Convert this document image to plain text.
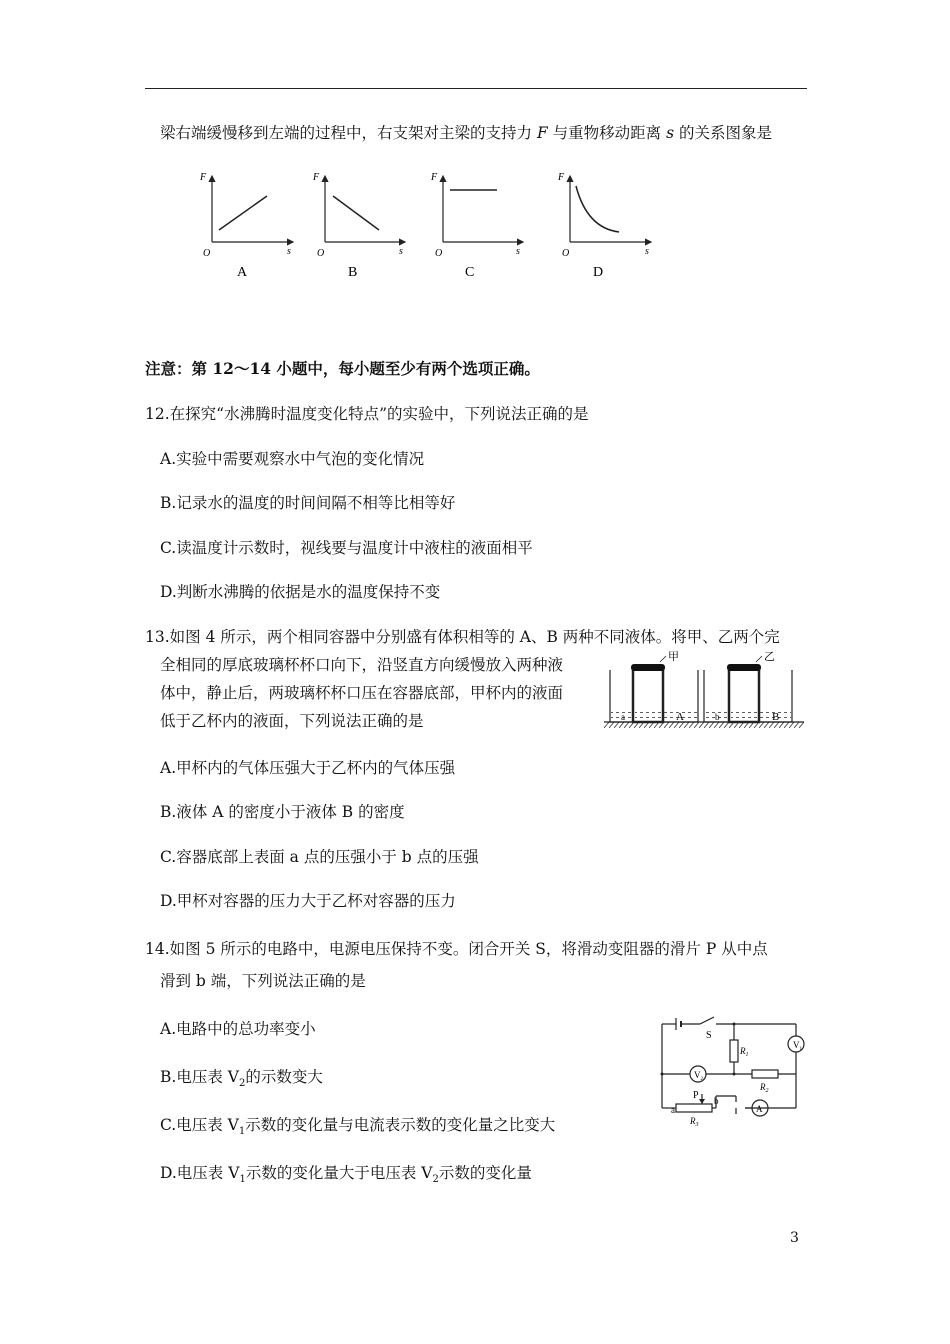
梁右端缓慢移到左端的过程中，右支架对主梁的支持力 F 与重物移动距离 s 的关系图象是
F
s
O
A
F
s
O
B
F
s
O
C
F
s
O
D
注意：第 12～14 小题中，每小题至少有两个选项正确。
12.在探究“水沸腾时温度变化特点”的实验中，下列说法正确的是
A.实验中需要观察水中气泡的变化情况
B.记录水的温度的时间间隔不相等比相等好
C.读温度计示数时，视线要与温度计中液柱的液面相平
D.判断水沸腾的依据是水的温度保持不变
13.如图 4 所示，两个相同容器中分别盛有体积相等的 A、B 两种不同液体。将甲、乙两个完
全相同的厚底玻璃杯杯口向下，沿竖直方向缓慢放入两种液
体中，静止后，两玻璃杯杯口压在容器底部，甲杯内的液面
低于乙杯内的液面，下列说法正确的是
甲
A
a
乙
B
b
A.甲杯内的气体压强大于乙杯内的气体压强
B.液体 A 的密度小于液体 B 的密度
C.容器底部上表面 a 点的压强小于 b 点的压强
D.甲杯对容器的压力大于乙杯对容器的压力
14.如图 5 所示的电路中，电源电压保持不变。闭合开关 S，将滑动变阻器的滑片 P 从中点
滑到 b 端，下列说法正确的是
A.电路中的总功率变小
B.电压表 $V_2$的示数变大
C.电压表 $V_1$示数的变化量与电流表示数的变化量之比变大
D.电压表 $V_1$示数的变化量大于电压表 $V_2$示数的变化量
S
$R_1$
$R_2$
$R_3$
$V_1$
$V_2$
A
P
a
b
3
